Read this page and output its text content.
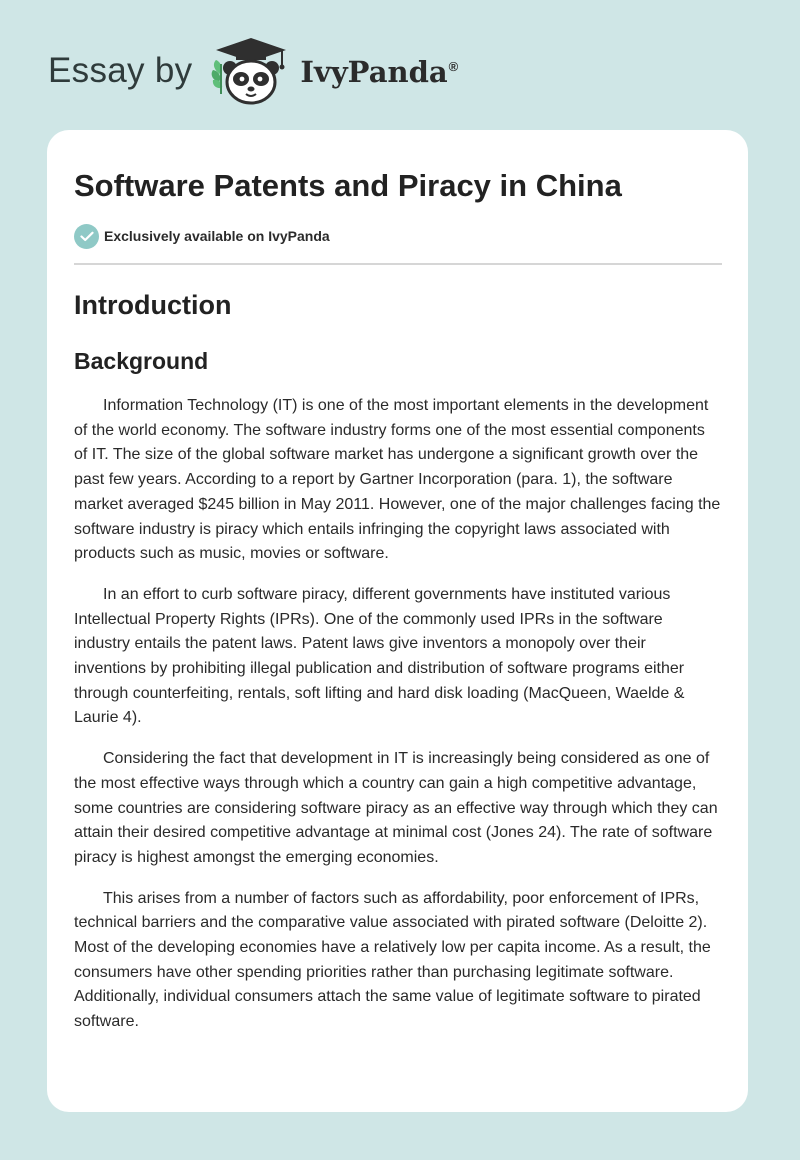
Essay by	IvyPanda®
Software Patents and Piracy in China
Exclusively available on IvyPanda
Introduction
Background

Information Technology (IT) is one of the most important elements in the development of the world economy. The software industry forms one of the most essential components of IT. The size of the global software market has undergone a significant growth over the past few years. According to a report by Gartner Incorporation (para. 1), the software market averaged $245 billion in May 2011. However, one of the major challenges facing the software industry is piracy which entails infringing the copyright laws associated with products such as music, movies or software.

In an effort to curb software piracy, different governments have instituted various Intellectual Property Rights (IPRs). One of the commonly used IPRs in the software industry entails the patent laws. Patent laws give inventors a monopoly over their inventions by prohibiting illegal publication and distribution of software programs either through counterfeiting, rentals, soft lifting and hard disk loading (MacQueen, Waelde & Laurie 4).

Considering the fact that development in IT is increasingly being considered as one of the most effective ways through which a country can gain a high competitive advantage, some countries are considering software piracy as an effective way through which they can attain their desired competitive advantage at minimal cost (Jones 24). The rate of software piracy is highest amongst the emerging economies.

This arises from a number of factors such as affordability, poor enforcement of IPRs, technical barriers and the comparative value associated with pirated software (Deloitte 2). Most of the developing economies have a relatively low per capita income. As a result, the consumers have other spending priorities rather than purchasing legitimate software. Additionally, individual consumers attach the same value of legitimate software to pirated software.
